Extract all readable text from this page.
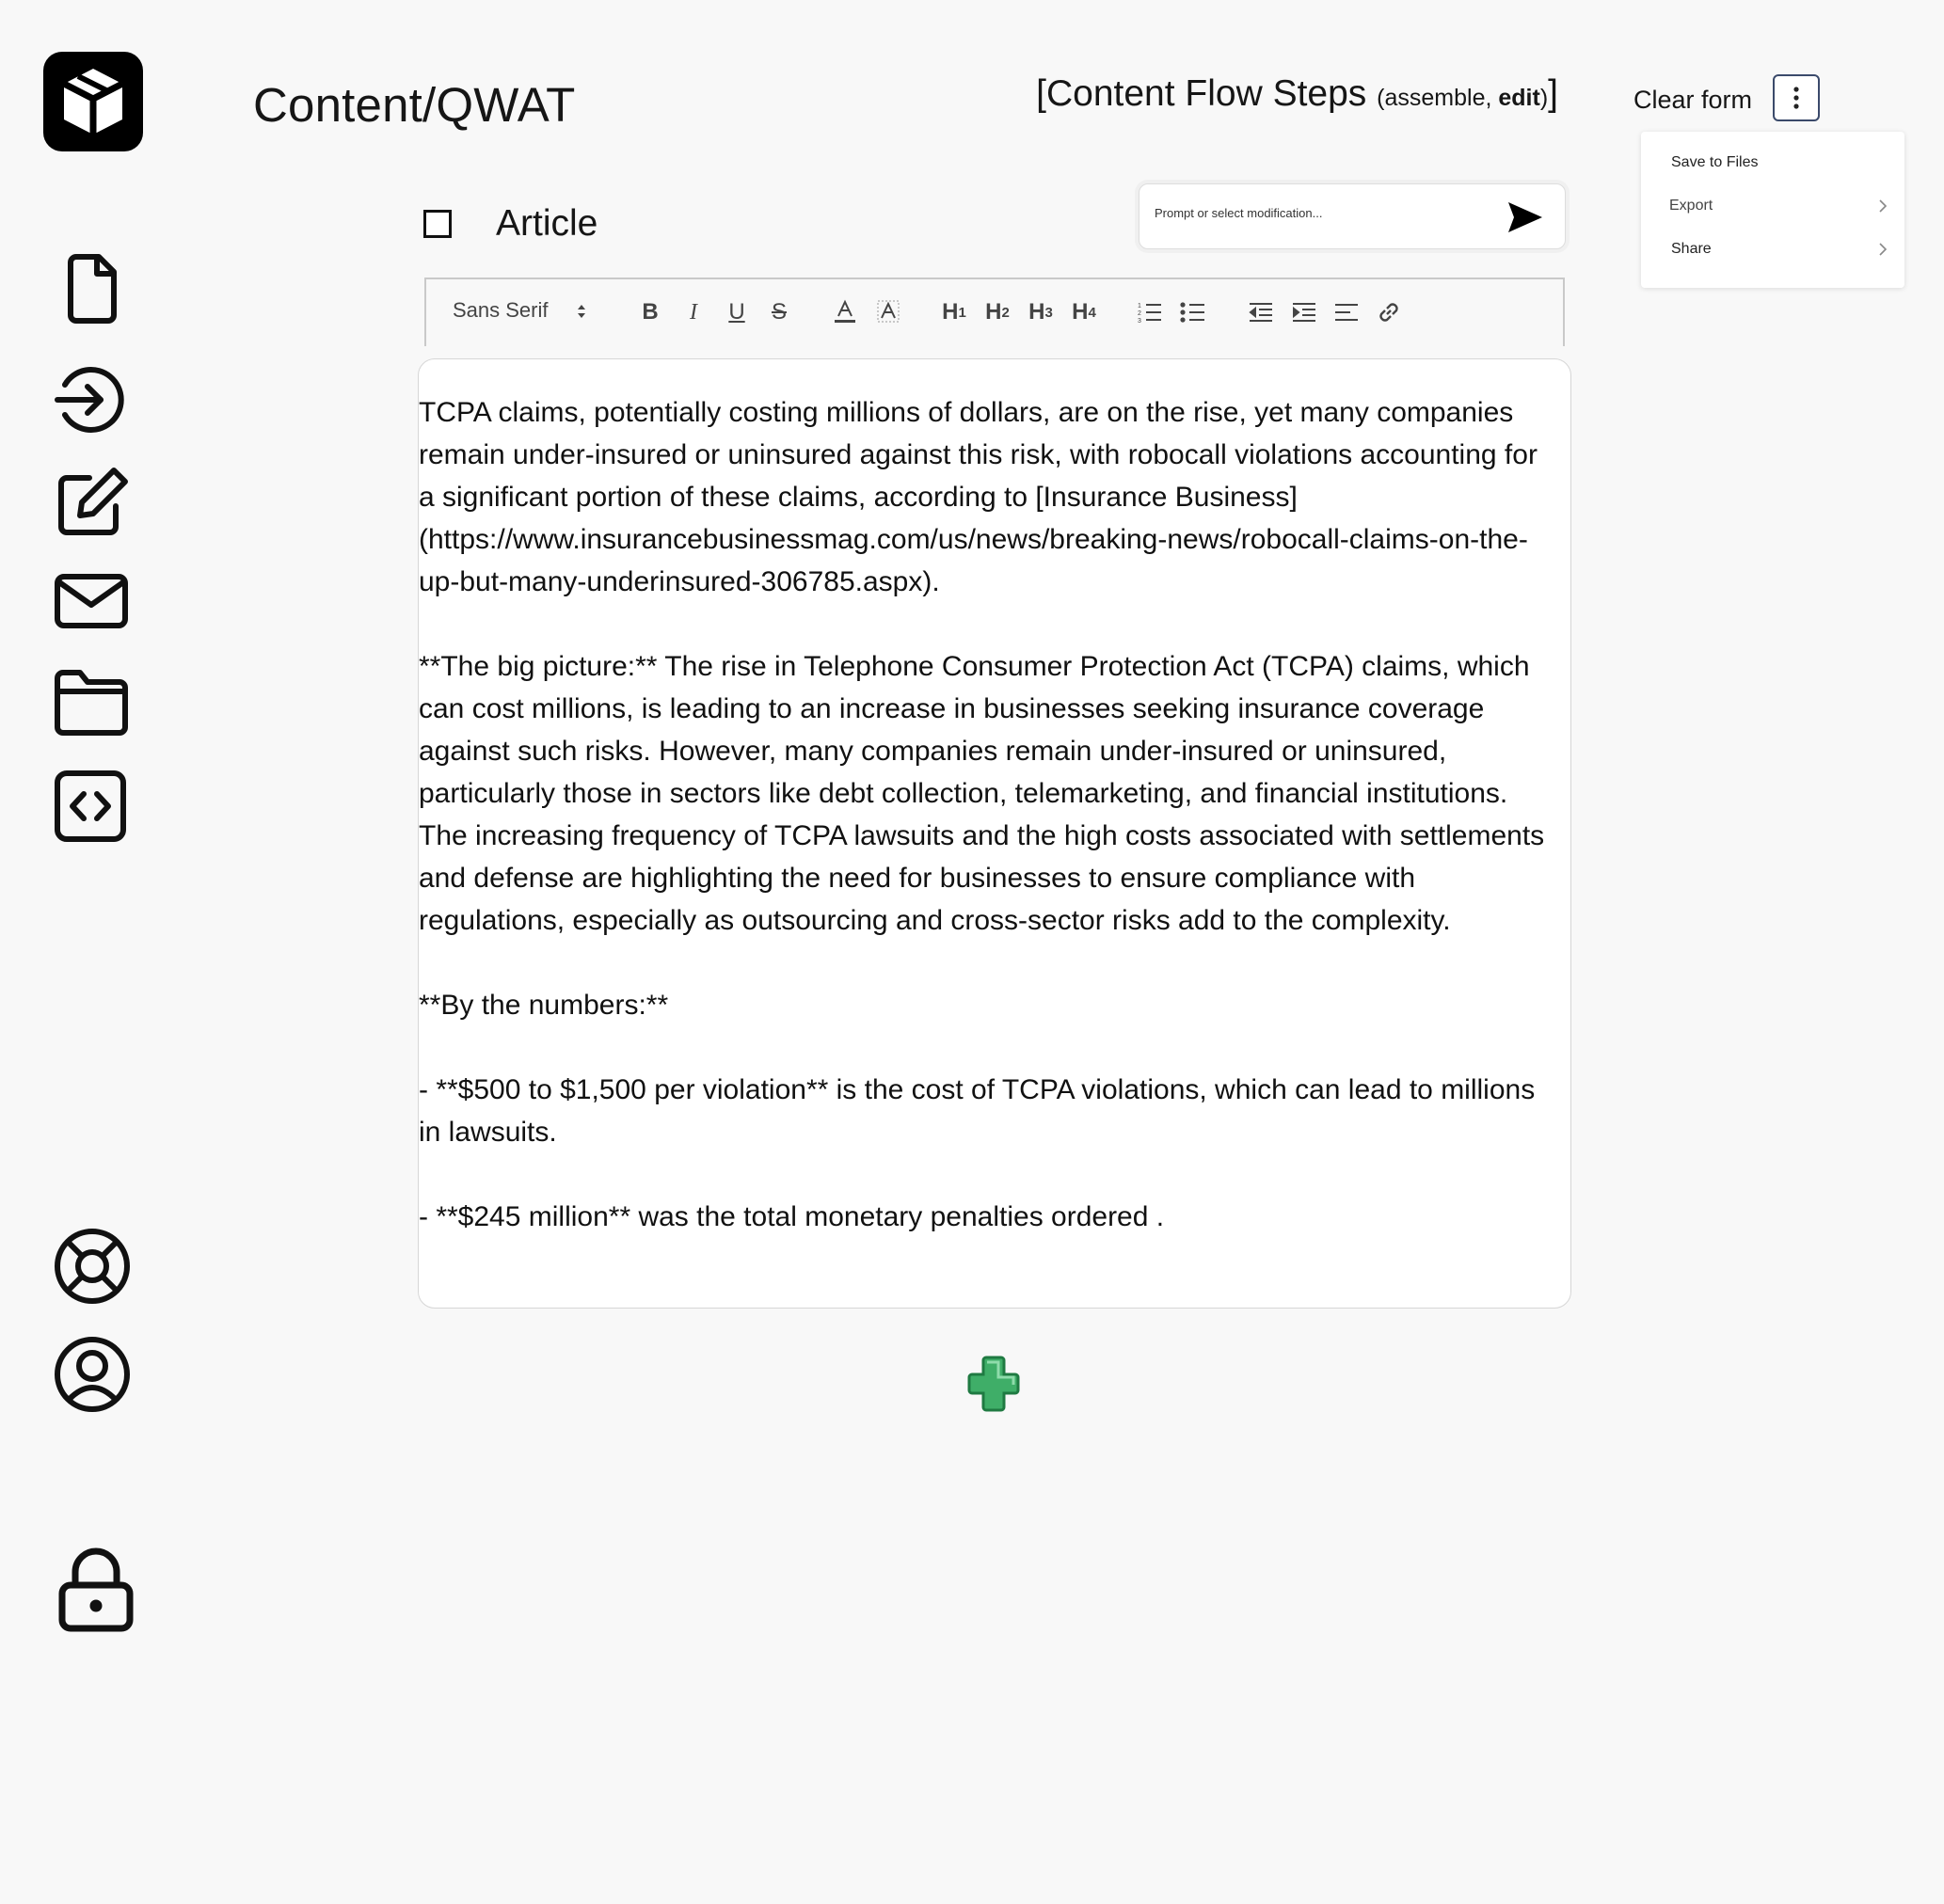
Content/QWAT	[Content Flow Steps (assemble, edit)]	Clear form
Save to Files
Export
Share
Article
Prompt or select modification...
Sans Serif	B	I	U S	H 1 H 2 H 3 H 4	1
2
3

TCPA claims, potentially costing millions of dollars, are on the rise, yet many companies remain under-insured or uninsured against this risk, with robocall violations accounting for a significant portion of these claims, according to [Insurance Business] (https://www.insurancebusinessmag.com/us/news/breaking-news/robocall-claims-on-the-up-but-many-underinsured-306785.aspx).

**The big picture:** The rise in Telephone Consumer Protection Act (TCPA) claims, which can cost millions, is leading to an increase in businesses seeking insurance coverage against such risks. However, many companies remain under-insured or uninsured, particularly those in sectors like debt collection, telemarketing, and financial institutions. The increasing frequency of TCPA lawsuits and the high costs associated with settlements and defense are highlighting the need for businesses to ensure compliance with regulations, especially as outsourcing and cross-sector risks add to the complexity.

**By the numbers:**

- **$500 to $1,500 per violation** is the cost of TCPA violations, which can lead to millions in lawsuits.

- **$245 million** was the total monetary penalties ordered .
